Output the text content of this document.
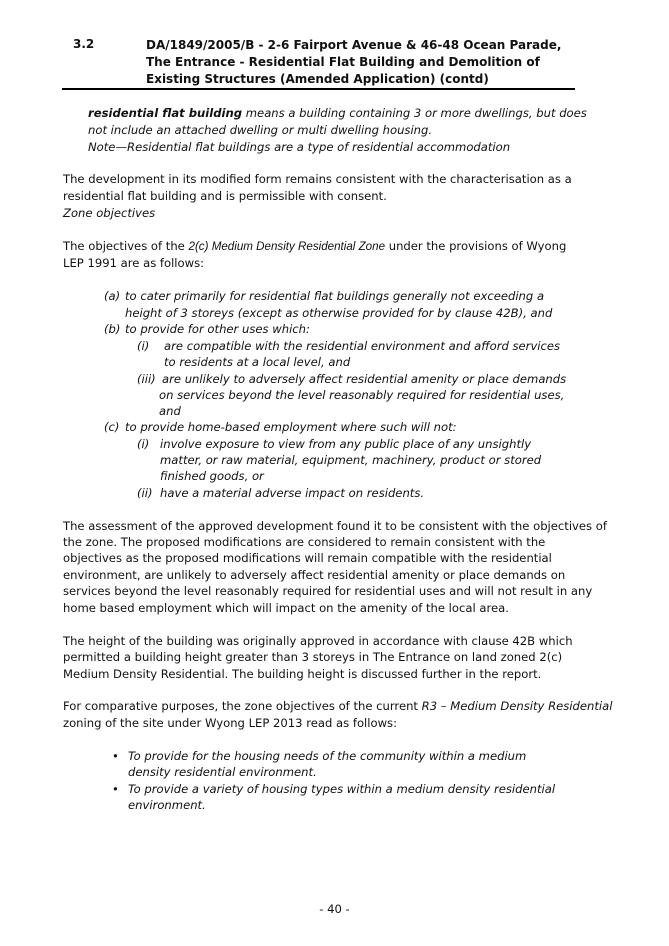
3.2	DA/1849/2005/B - 2-6 Fairport Avenue & 46-48 Ocean Parade, The Entrance - Residential Flat Building and Demolition of Existing Structures (Amended Application) (contd)
residential flat building means a building containing 3 or more dwellings, but does
not include an attached dwelling or multi dwelling housing.
Note—Residential flat buildings are a type of residential accommodation
The development in its modified form remains consistent with the characterisation as a
residential flat building and is permissible with consent.
Zone objectives
The objectives of the 2(c) Medium Density Residential Zone under the provisions of Wyong
LEP 1991 are as follows:
(a) to cater primarily for residential flat buildings generally not exceeding a
height of 3 storeys (except as otherwise provided for by clause 42B), and
(b) to provide for other uses which:
(i) are compatible with the residential environment and afford services
to residents at a local level, and
(iii) are unlikely to adversely affect residential amenity or place demands
on services beyond the level reasonably required for residential uses,
and
(c) to provide home-based employment where such will not:
(i) involve exposure to view from any public place of any unsightly
matter, or raw material, equipment, machinery, product or stored
finished goods, or
(ii) have a material adverse impact on residents.
The assessment of the approved development found it to be consistent with the objectives of
the zone. The proposed modifications are considered to remain consistent with the
objectives as the proposed modifications will remain compatible with the residential
environment, are unlikely to adversely affect residential amenity or place demands on
services beyond the level reasonably required for residential uses and will not result in any
home based employment which will impact on the amenity of the local area.
The height of the building was originally approved in accordance with clause 42B which
permitted a building height greater than 3 storeys in The Entrance on land zoned 2(c)
Medium Density Residential. The building height is discussed further in the report.
For comparative purposes, the zone objectives of the current R3 – Medium Density Residential
zoning of the site under Wyong LEP 2013 read as follows:
• To provide for the housing needs of the community within a medium
density residential environment.
• To provide a variety of housing types within a medium density residential
environment.
- 40 -
